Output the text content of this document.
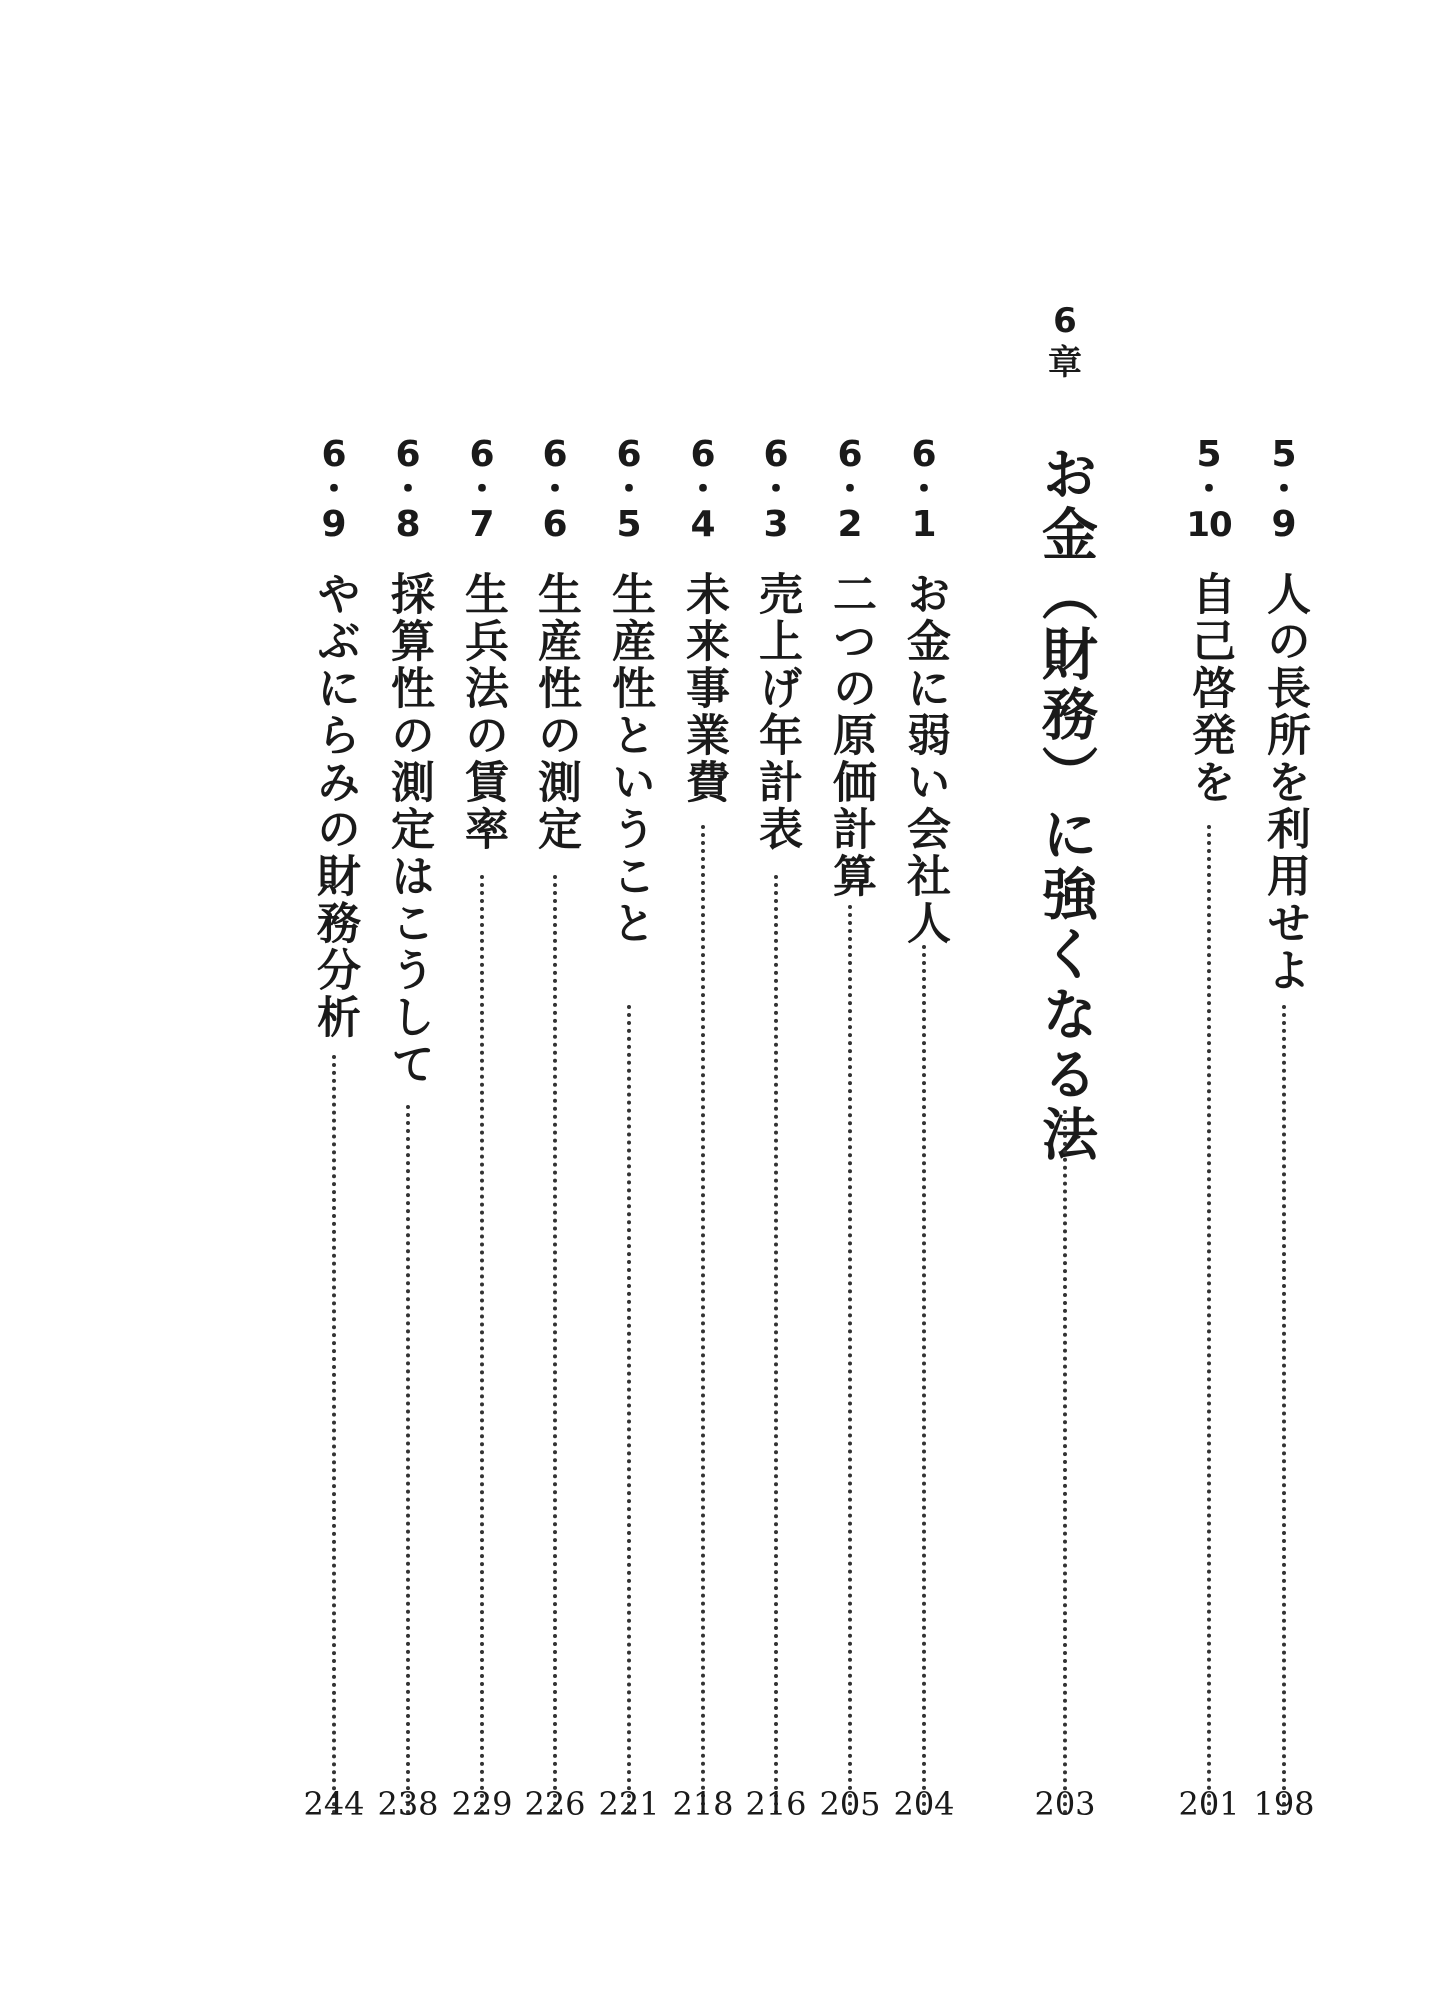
5
・
9
人の長所を利用せよ
198
5
・
10
自己啓発を
201
6
章
お金（財務）に強くなる法
203
6
・
1
お金に弱い会社人
204
6
・
2
二つの原価計算
205
6
・
3
売上げ年計表
216
6
・
4
未来事業費
218
6
・
5
生産性ということ
221
6
・
6
生産性の測定
226
6
・
7
生兵法の賃率
229
6
・
8
採算性の測定はこうして
238
6
・
9
やぶにらみの財務分析
244
